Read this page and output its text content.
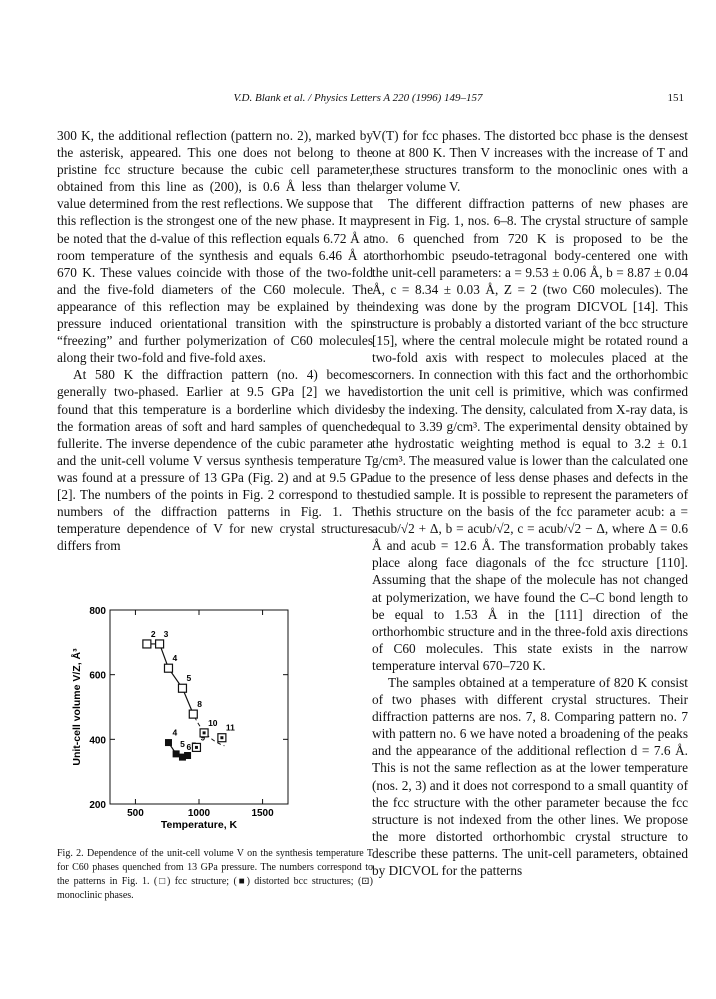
V.D. Blank et al. / Physics Letters A 220 (1996) 149–157	151

300 K, the additional reflection (pattern no. 2), marked by the asterisk, appeared. This one does not belong to the pristine fcc structure because the cubic cell parameter, obtained from this line as (200), is 0.6 Å less than the value determined from the rest reflections. We suppose that this reflection is the strongest one of the new phase. It may be noted that the d-value of this reflection equals 6.72 Å at room temperature of the synthesis and equals 6.46 Å at 670 K. These values coincide with those of the two-fold and the five-fold diameters of the C60 molecule. The appearance of this reflection may be explained by the pressure induced orientational transition with the spin “freezing” and further polymerization of C60 molecules along their two-fold and five-fold axes.

At 580 K the diffraction pattern (no. 4) becomes generally two-phased. Earlier at 9.5 GPa [2] we have found that this temperature is a borderline which divides the formation areas of soft and hard samples of quenched fullerite. The inverse dependence of the cubic parameter a and the unit-cell volume V versus synthesis temperature T was found at a pressure of 13 GPa (Fig. 2) and at 9.5 GPa [2]. The numbers of the points in Fig. 2 correspond to the numbers of the diffraction patterns in Fig. 1. The temperature dependence of V for new crystal structures differs from

200
400
600
800
500	1000	1500
Temperature, K
Unit-cell volume V/Z, Å³
2 3
4
5
8
4
5 6
10 11

Fig. 2. Dependence of the unit-cell volume V on the synthesis temperature T for C60 phases quenched from 13 GPa pressure. The numbers correspond to the patterns in Fig. 1. (□) fcc structure; (■) distorted bcc structures; (⊡) monoclinic phases.

V(T) for fcc phases. The distorted bcc phase is the densest one at 800 K. Then V increases with the increase of T and these structures transform to the monoclinic ones with a larger volume V.

The different diffraction patterns of new phases are present in Fig. 1, nos. 6–8. The crystal structure of sample no. 6 quenched from 720 K is proposed to be the orthorhombic pseudo-tetragonal body-centered one with the unit-cell parameters: a = 9.53 ± 0.06 Å, b = 8.87 ± 0.04 Å, c = 8.34 ± 0.03 Å, Z = 2 (two C60 molecules). The indexing was done by the program DICVOL [14]. This structure is probably a distorted variant of the bcc structure [15], where the central molecule might be rotated round a two-fold axis with respect to molecules placed at the corners. In connection with this fact and the orthorhombic distortion the unit cell is primitive, which was confirmed by the indexing. The density, calculated from X-ray data, is equal to 3.39 g/cm³. The experimental density obtained by the hydrostatic weighting method is equal to 3.2 ± 0.1 g/cm³. The measured value is lower than the calculated one due to the presence of less dense phases and defects in the studied sample. It is possible to represent the parameters of this structure on the basis of the fcc parameter acub: a = acub/√2 + Δ, b = acub/√2, c = acub/√2 − Δ, where Δ = 0.6 Å and acub = 12.6 Å. The transformation probably takes place along face diagonals of the fcc structure [110]. Assuming that the shape of the molecule has not changed at polymerization, we have found the C–C bond length to be equal to 1.53 Å in the [111] direction of the orthorhombic structure and in the three-fold axis directions of C60 molecules. This state exists in the narrow temperature interval 670–720 K.

The samples obtained at a temperature of 820 K consist of two phases with different crystal structures. Their diffraction patterns are nos. 7, 8. Comparing pattern no. 7 with pattern no. 6 we have noted a broadening of the peaks and the appearance of the additional reflection d = 7.6 Å. This is not the same reflection as at the lower temperature (nos. 2, 3) and it does not correspond to a small quantity of the fcc structure with the other parameter because the fcc structure is not indexed from the other lines. We propose the more distorted orthorhombic crystal structure to describe these patterns. The unit-cell parameters, obtained by DICVOL for the patterns
